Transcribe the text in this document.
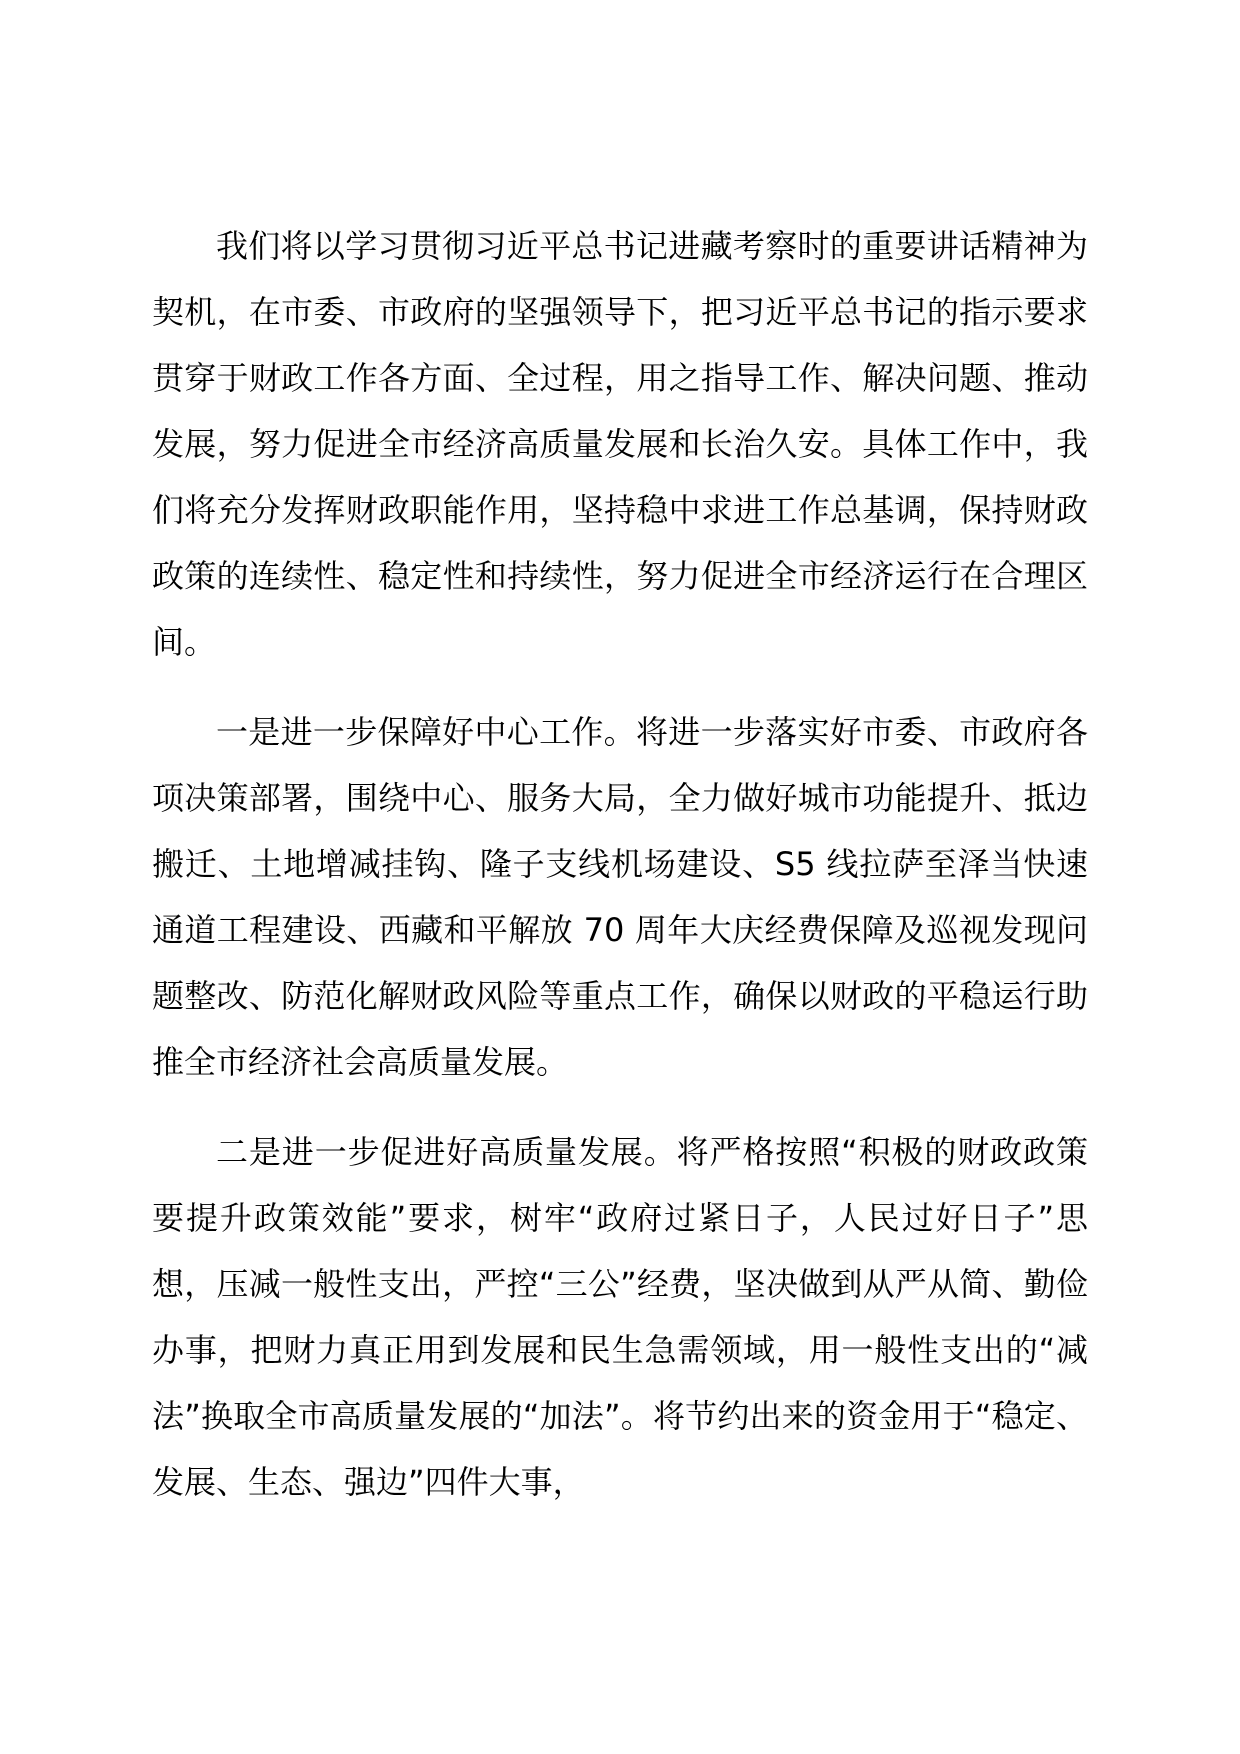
我们将以学习贯彻习近平总书记进藏考察时的重要讲话精神为契机，在市委、市政府的坚强领导下，把习近平总书记的指示要求贯穿于财政工作各方面、全过程，用之指导工作、解决问题、推动发展，努力促进全市经济高质量发展和长治久安。具体工作中，我们将充分发挥财政职能作用，坚持稳中求进工作总基调，保持财政政策的连续性、稳定性和持续性，努力促进全市经济运行在合理区间。

一是进一步保障好中心工作。将进一步落实好市委、市政府各项决策部署，围绕中心、服务大局，全力做好城市功能提升、抵边搬迁、土地增减挂钩、隆子支线机场建设、S5 线拉萨至泽当快速通道工程建设、西藏和平解放 70 周年大庆经费保障及巡视发现问题整改、防范化解财政风险等重点工作，确保以财政的平稳运行助推全市经济社会高质量发展。

二是进一步促进好高质量发展。将严格按照“积极的财政政策要提升政策效能”要求，树牢“政府过紧日子，人民过好日子”思想，压减一般性支出，严控“三公”经费，坚决做到从严从简、勤俭办事，把财力真正用到发展和民生急需领域，用一般性支出的“减法”换取全市高质量发展的“加法”。将节约出来的资金用于“稳定、发展、生态、强边”四件大事，
